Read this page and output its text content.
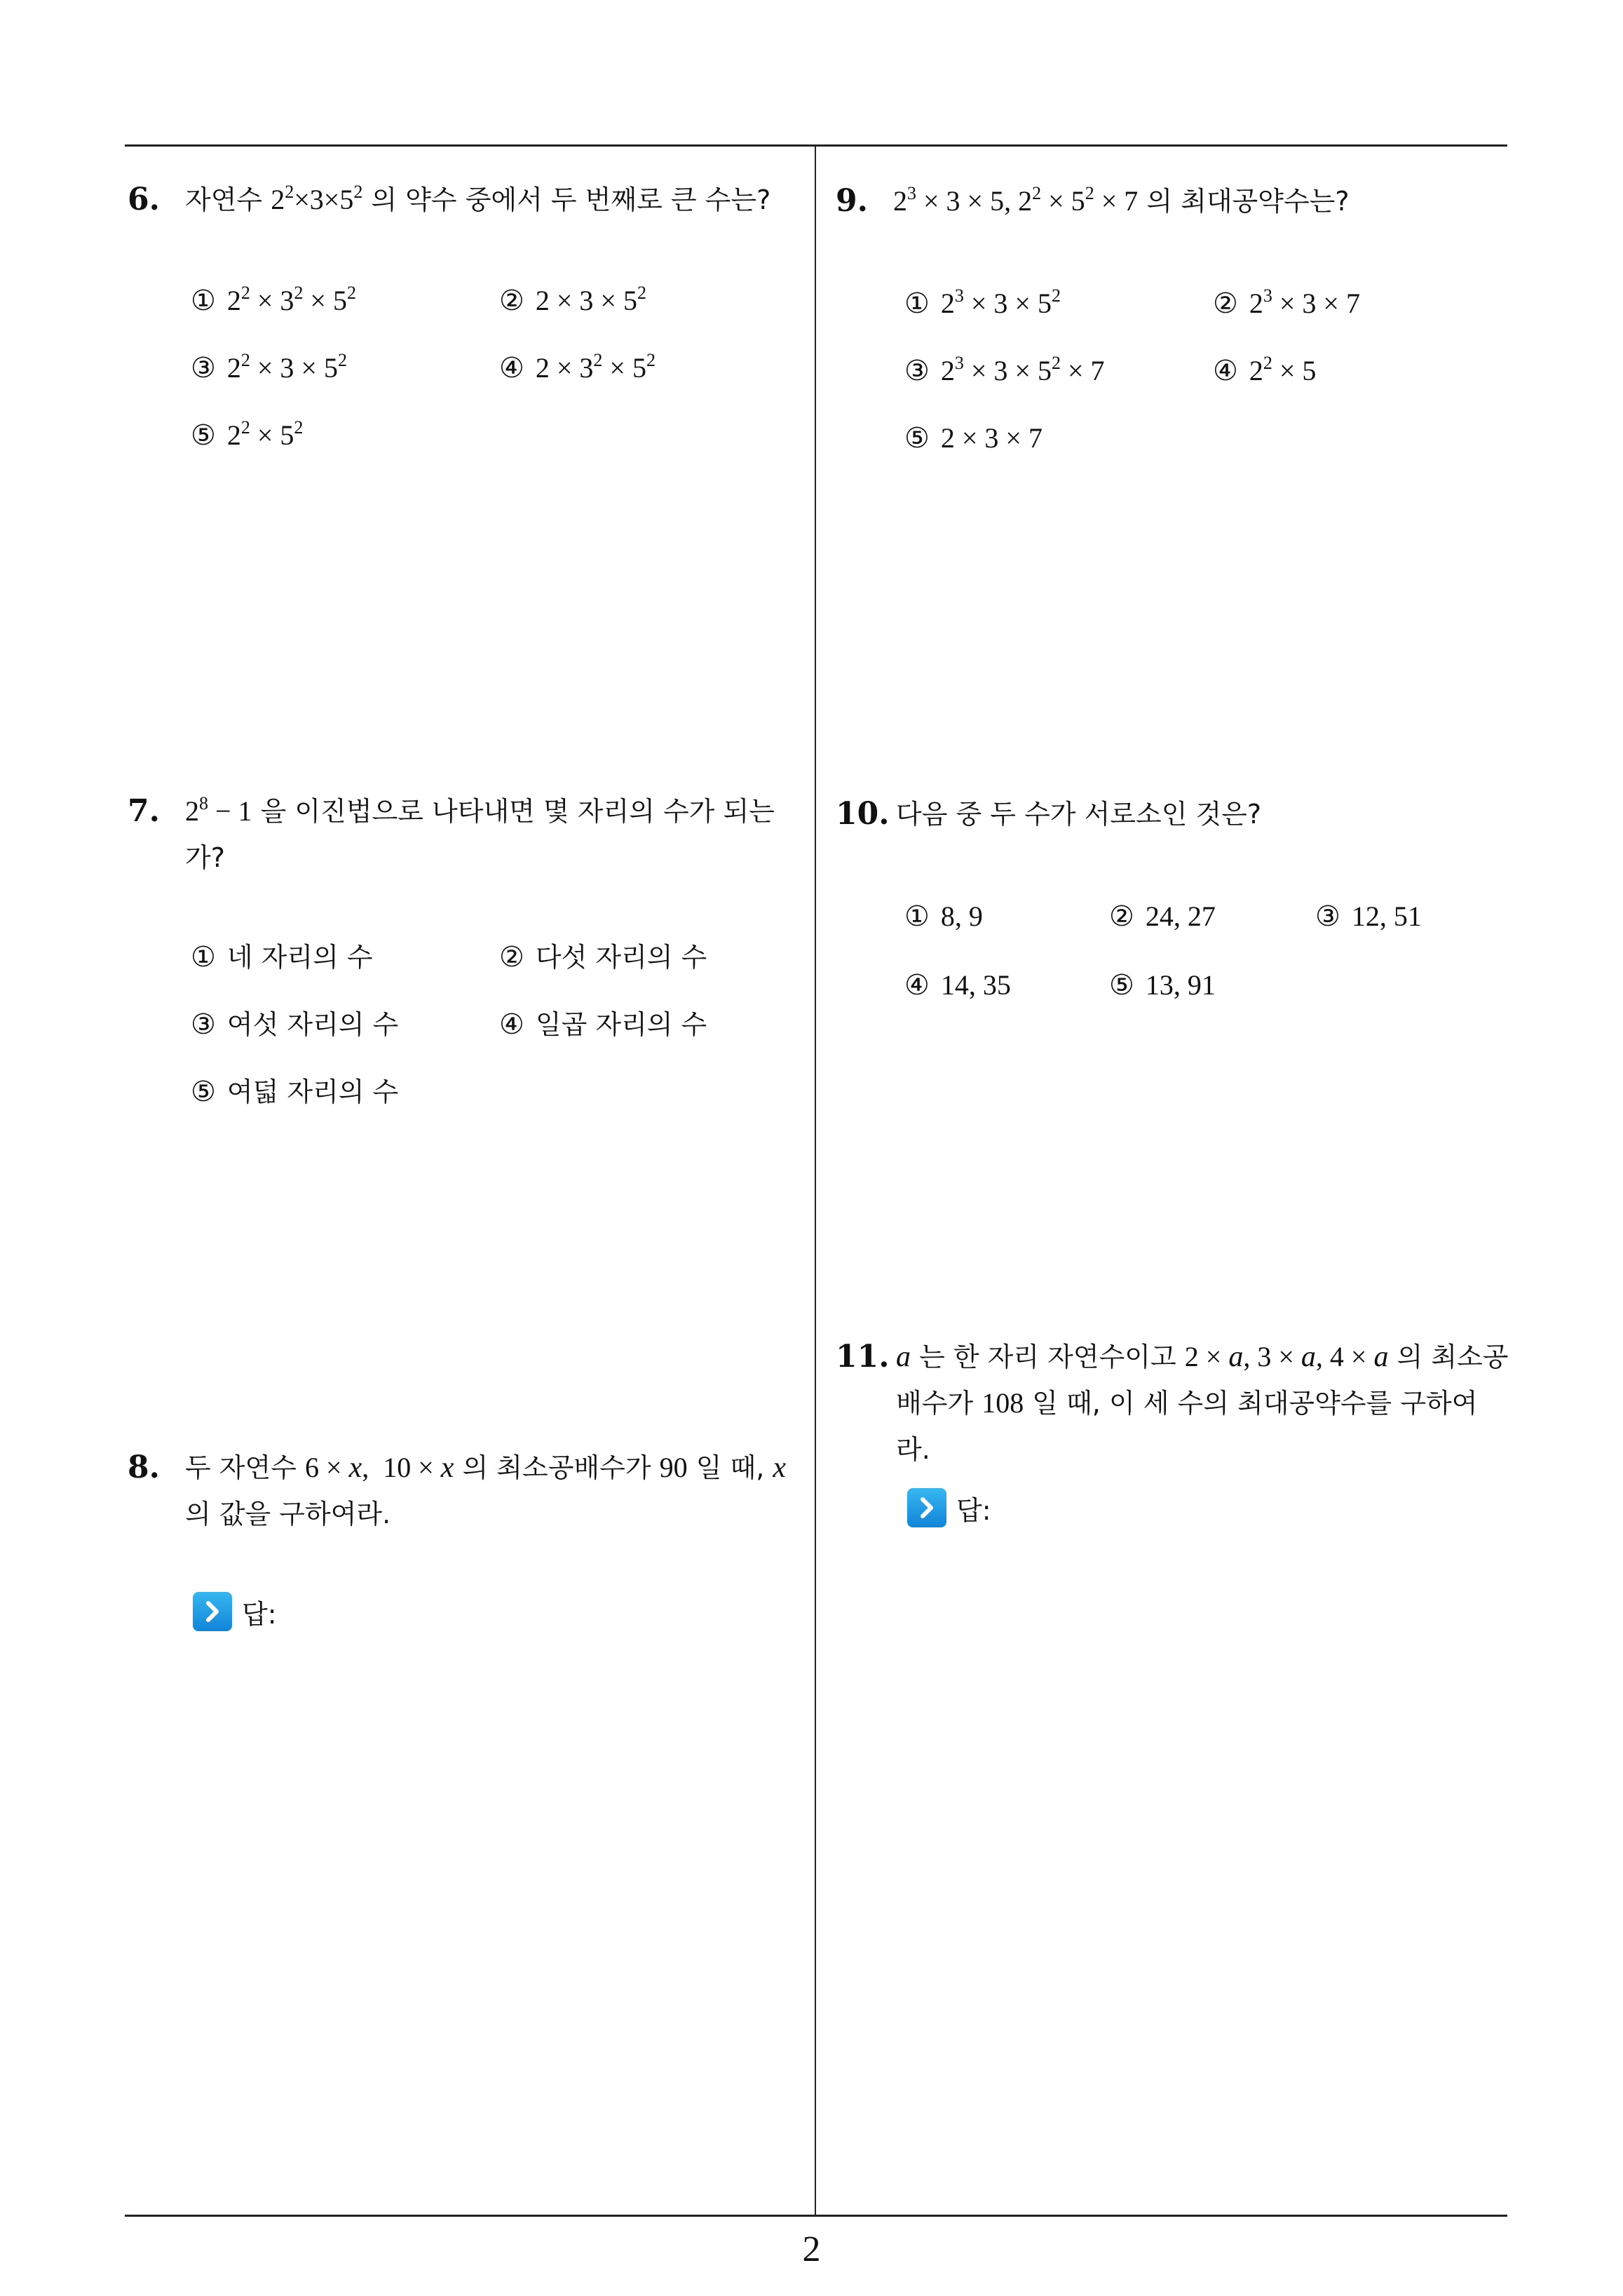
6. 자연수 $2^2\times 3\times 5^2$ 의 약수 중에서 두 번째로 큰 수는?
① $2^2 \times 3^2 \times 5^2$	② $2 \times 3 \times 5^2$
③ $2^2 \times 3 \times 5^2$	④ $2 \times 3^2 \times 5^2$
⑤ $2^2 \times 5^2$
7. $2^8 - 1$ 을 이진법으로 나타내면 몇 자리의 수가 되는가?
① 네 자리의 수	② 다섯 자리의 수
③ 여섯 자리의 수	④ 일곱 자리의 수
⑤ 여덟 자리의 수
8. 두 자연수 6 × x,  10 × x 의 최소공배수가 90 일 때, x 의 값을 구하여라.
답:
9. $2^3 \times 3 \times 5$, $2^2 \times 5^2 \times 7$ 의 최대공약수는?
① $2^3 \times 3 \times 5^2$	② $2^3 \times 3 \times 7$
③ $2^3 \times 3 \times 5^2 \times 7$	④ $2^2 \times 5$
⑤ 2 × 3 × 7
10. 다음 중 두 수가 서로소인 것은?
① 8, 9	② 24, 27	③ 12, 51
④ 14, 35	⑤ 13, 91
11. a 는 한 자리 자연수이고 2 × a, 3 × a, 4 × a 의 최소공배수가 108 일 때, 이 세 수의 최대공약수를 구하여라.
답:
2
